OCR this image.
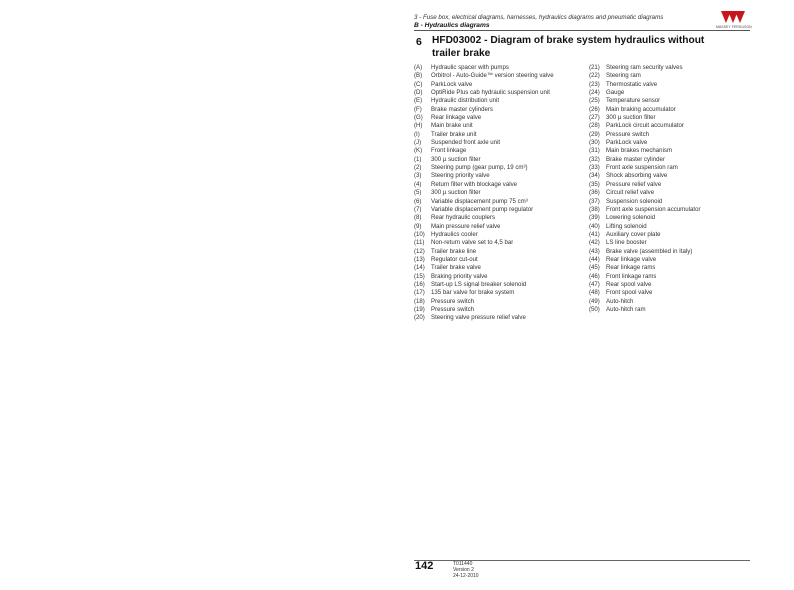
3 - Fuse box, electrical diagrams, harnesses, hydraulics diagrams and pneumatic diagrams
B - Hydraulics diagrams	MASSEY FERGUSON
6 HFD03002 - Diagram of brake system hydraulics without trailer brake
(A)	Hydraulic spacer with pumps
(B)	Orbitrol - Auto-Guide™ version steering valve
(C)	ParkLock valve
(D)	OptiRide Plus cab hydraulic suspension unit
(E)	Hydraulic distribution unit
(F)	Brake master cylinders
(G)	Rear linkage valve
(H)	Main brake unit
(I)	Trailer brake unit
(J)	Suspended front axle unit
(K)	Front linkage
(1)	300 µ suction filter
(2)	Steering pump (gear pump, 19 cm³)
(3)	Steering priority valve
(4)	Return filter with blockage valve
(5)	300 µ suction filter
(6)	Variable displacement pump 75 cm³
(7)	Variable displacement pump regulator
(8)	Rear hydraulic couplers
(9)	Main pressure relief valve
(10)	Hydraulics cooler
(11)	Non-return valve set to 4,5 bar
(12)	Trailer brake line
(13)	Regulator cut-out
(14)	Trailer brake valve
(15)	Braking priority valve
(16)	Start-up LS signal breaker solenoid
(17)	135 bar valve for brake system
(18)	Pressure switch
(19)	Pressure switch
(20)	Steering valve pressure relief valve
(21)	Steering ram security valves
(22)	Steering ram
(23)	Thermostatic valve
(24)	Gauge
(25)	Temperature sensor
(26)	Main braking accumulator
(27)	300 µ suction filter
(28)	ParkLock circuit accumulator
(29)	Pressure switch
(30)	ParkLock valve
(31)	Main brakes mechanism
(32)	Brake master cylinder
(33)	Front axle suspension ram
(34)	Shock absorbing valve
(35)	Pressure relief valve
(36)	Circuit relief valve
(37)	Suspension solenoid
(38)	Front axle suspension accumulator
(39)	Lowering solenoid
(40)	Lifting solenoid
(41)	Auxiliary cover plate
(42)	LS line booster
(43)	Brake valve (assembled in Italy)
(44)	Rear linkage valve
(45)	Rear linkage rams
(46)	Front linkage rams
(47)	Rear spool valve
(48)	Front spool valve
(49)	Auto-hitch
(50)	Auto-hitch ram
142	T011440
Version 2
24-12-2010
